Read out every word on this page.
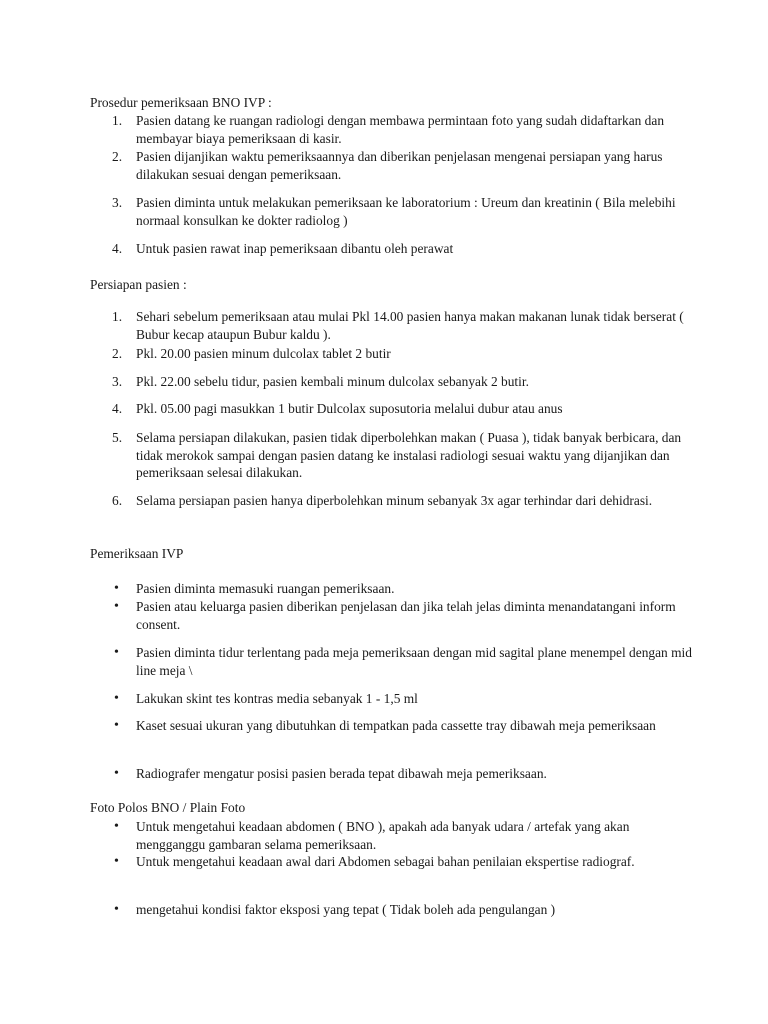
Prosedur pemeriksaan BNO IVP :

1.	Pasien datang ke ruangan radiologi dengan membawa permintaan foto yang sudah didaftarkan dan membayar biaya pemeriksaan di kasir.
2.	Pasien dijanjikan waktu pemeriksaannya dan diberikan penjelasan mengenai persiapan yang harus dilakukan sesuai dengan pemeriksaan.
3.	Pasien diminta untuk melakukan pemeriksaan ke laboratorium : Ureum dan kreatinin ( Bila melebihi normaal konsulkan ke dokter radiolog )
4.	Untuk pasien rawat inap pemeriksaan dibantu oleh perawat

Persiapan pasien :

1.	Sehari sebelum pemeriksaan atau mulai Pkl 14.00 pasien hanya makan makanan lunak tidak berserat ( Bubur kecap ataupun Bubur kaldu ).
2.	Pkl. 20.00 pasien minum dulcolax tablet 2 butir
3.	Pkl. 22.00 sebelu tidur, pasien kembali minum dulcolax sebanyak 2 butir.
4.	Pkl. 05.00 pagi masukkan 1 butir Dulcolax suposutoria melalui dubur atau anus
5.	Selama persiapan dilakukan, pasien tidak diperbolehkan makan ( Puasa ), tidak banyak berbicara, dan tidak merokok sampai dengan pasien datang ke instalasi radiologi sesuai waktu yang dijanjikan dan pemeriksaan selesai dilakukan.
6.	Selama persiapan pasien hanya diperbolehkan minum sebanyak 3x agar terhindar dari dehidrasi.

Pemeriksaan IVP

• Pasien diminta memasuki ruangan pemeriksaan.
• Pasien atau keluarga pasien diberikan penjelasan dan jika telah jelas diminta menandatangani inform consent.
• Pasien diminta tidur terlentang pada meja pemeriksaan dengan mid sagital plane menempel dengan mid line meja \
• Lakukan skint tes kontras media sebanyak 1 - 1,5 ml
• Kaset sesuai ukuran yang dibutuhkan di tempatkan pada cassette tray dibawah meja pemeriksaan
• Radiografer mengatur posisi pasien berada tepat dibawah meja pemeriksaan.

Foto Polos BNO / Plain Foto

• Untuk mengetahui keadaan abdomen ( BNO ), apakah ada banyak udara / artefak yang akan mengganggu gambaran selama pemeriksaan.
• Untuk mengetahui keadaan awal dari Abdomen sebagai bahan penilaian ekspertise radiograf.
• mengetahui kondisi faktor eksposi yang tepat ( Tidak boleh ada pengulangan )
